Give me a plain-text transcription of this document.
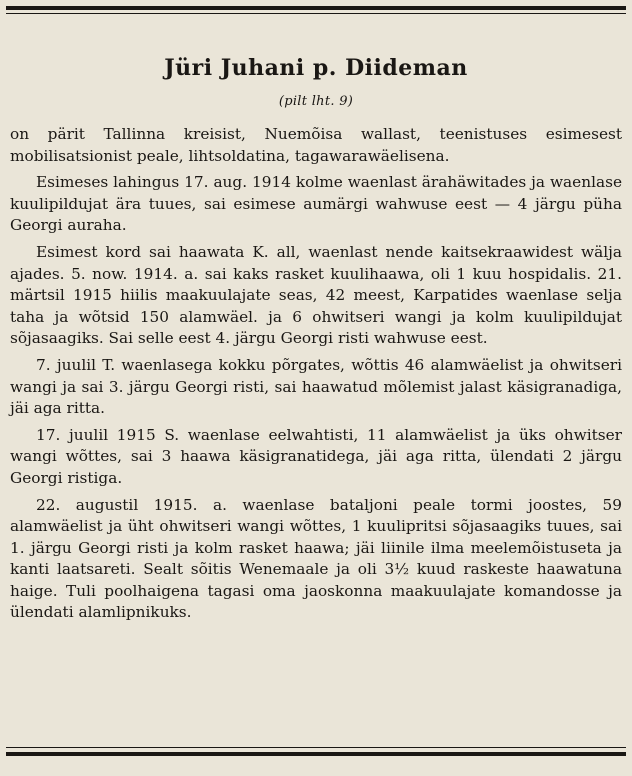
Jüri Juhani p. Diideman
(pilt lht. 9)

on pärit Tallinna kreisist, Nuemõisa wallast, teenistuses esimesest mobilisatsionist peale, lihtsoldatina, tagawarawäelisena.

Esimeses lahingus 17. aug. 1914 kolme waenlast ärahäwitades ja waenlase kuulipildujat ära tuues, sai esimese aumärgi wahwuse eest — 4 järgu püha Georgi auraha.

Esimest kord sai haawata K. all, waenlast nende kaitsekraawidest wälja ajades. 5. now. 1914. a. sai kaks rasket kuulihaawa, oli 1 kuu hospidalis. 21. märtsil 1915 hiilis maakuulajate seas, 42 meest, Karpatides waenlase selja taha ja wõtsid 150 alamwäel. ja 6 ohwitseri wangi ja kolm kuulipildujat sõjasaagiks. Sai selle eest 4. järgu Georgi risti wahwuse eest.

7. juulil T. waenlasega kokku põrgates, wõttis 46 alamwäelist ja ohwitseri wangi ja sai 3. järgu Georgi risti, sai haawatud mõlemist jalast käsigranadiga, jäi aga ritta.

17. juulil 1915 S. waenlase eelwahtisti, 11 alamwäelist ja üks ohwitser wangi wõttes, sai 3 haawa käsigranatidega, jäi aga ritta, ülendati 2 järgu Georgi ristiga.

22. augustil 1915. a. waenlase bataljoni peale tormi joostes, 59 alamwäelist ja üht ohwitseri wangi wõttes, 1 kuulipritsi sõjasaagiks tuues, sai 1. järgu Georgi risti ja kolm rasket haawa; jäi liinile ilma meelemõistuseta ja kanti laatsareti. Sealt sõitis Wenemaale ja oli 3½ kuud raskeste haawatuna haige. Tuli poolhaigena tagasi oma jaoskonna maakuulajate komandosse ja ülendati alamlipnikuks.
